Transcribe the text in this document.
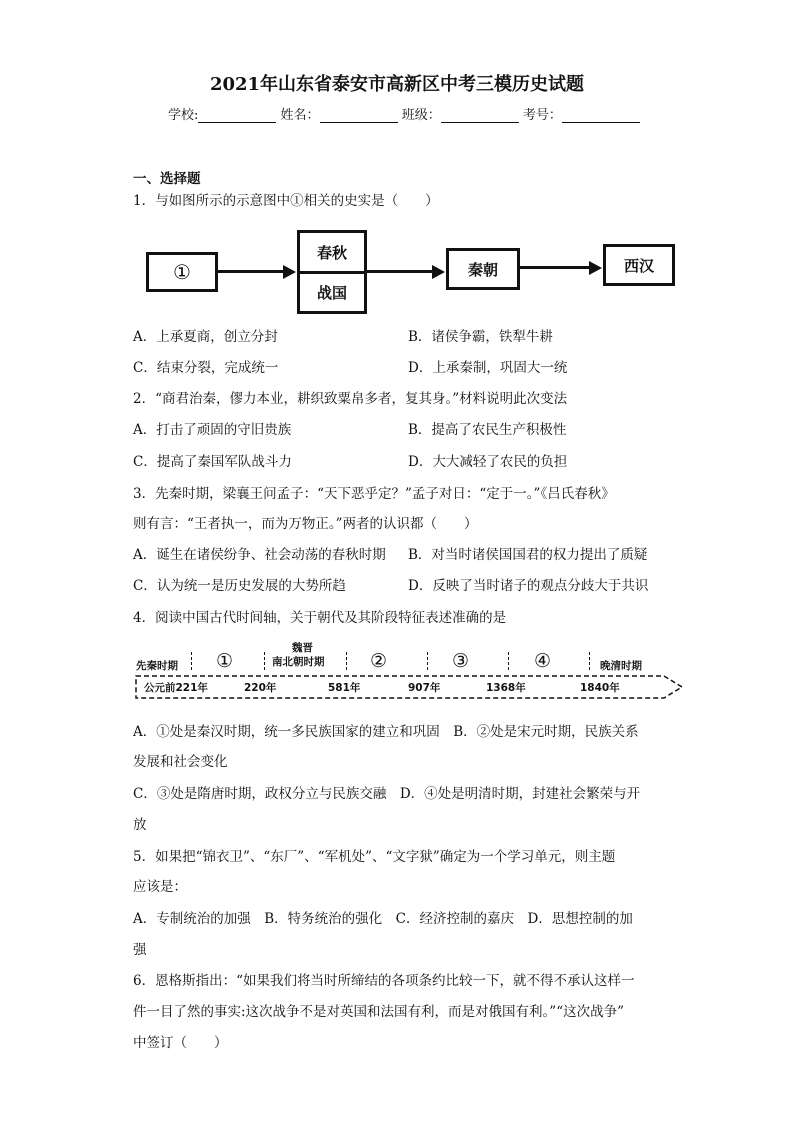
2021年山东省泰安市高新区中考三模历史试题
学校:	姓名：	班级：	考号：
一、选择题
1．与如图所示的示意图中①相关的史实是（　　）
①
春秋
战国
秦朝	西汉
A．上承夏商，创立分封	B．诸侯争霸，铁犁牛耕
C．结束分裂，完成统一	D．上承秦制，巩固大一统
2．“商君治秦，僇力本业，耕织致粟帛多者，复其身。”材料说明此次变法
A．打击了顽固的守旧贵族	B．提高了农民生产积极性
C．提高了秦国军队战斗力	D．大大减轻了农民的负担
3．先秦时期，梁襄王问孟子：“天下恶乎定？”孟子对日：“定于一。”《吕氏春秋》
则有言：“王者执一，而为万物正。”两者的认识都（　　）
A．诞生在诸侯纷争、社会动荡的春秋时期 B．对当时诸侯国国君的权力提出了质疑
C．认为统一是历史发展的大势所趋	D．反映了当时诸子的观点分歧大于共识
4．阅读中国古代时间轴，关于朝代及其阶段特征表述准确的是
先秦时期 ①
魏晋
南北朝时期 ②	③	④	晚清时期
公元前221年	220年	581年	907年	1368年	1840年
A．①处是秦汉时期，统一多民族国家的建立和巩固　B．②处是宋元时期，民族关系
发展和社会变化
C．③处是隋唐时期，政权分立与民族交融　D．④处是明清时期，封建社会繁荣与开
放
5．如果把“锦衣卫”、“东厂”、“军机处”、“文字狱”确定为一个学习单元，则主题
应该是：
A．专制统治的加强　B．特务统治的强化　C．经济控制的嘉庆　D．思想控制的加
强
6．恩格斯指出：“如果我们将当时所缔结的各项条约比较一下，就不得不承认这样一
件一目了然的事实:这次战争不是对英国和法国有利，而是对俄国有利。”“这次战争”
中签订（　　）
